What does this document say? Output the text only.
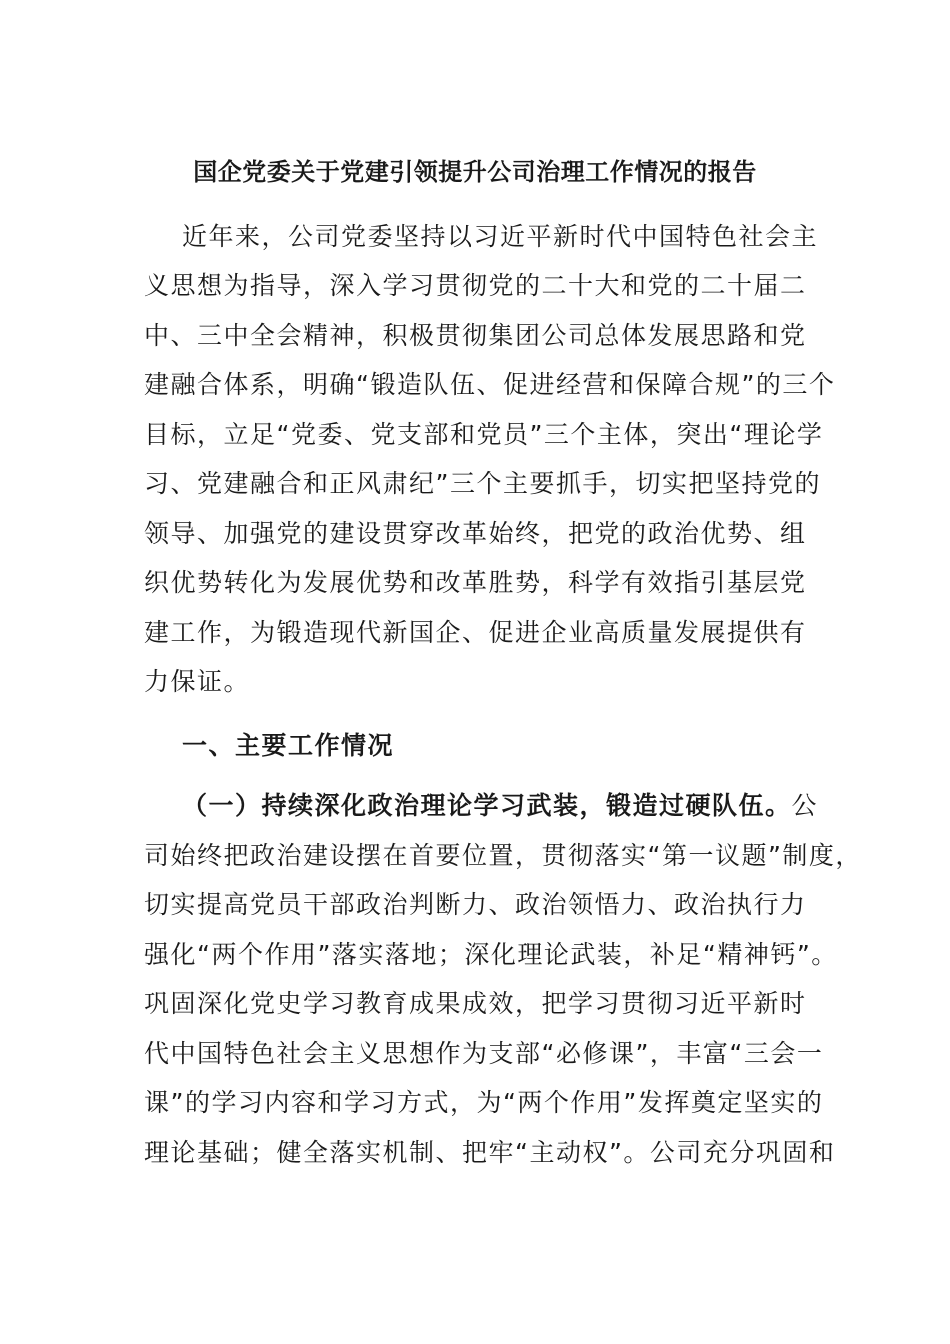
国企党委关于党建引领提升公司治理工作情况的报告
近年来，公司党委坚持以习近平新时代中国特色社会主
义思想为指导，深入学习贯彻党的二十大和党的二十届二
中、三中全会精神，积极贯彻集团公司总体发展思路和党
建融合体系，明确“锻造队伍、促进经营和保障合规”的三个
目标，立足“党委、党支部和党员”三个主体，突出“理论学
习、党建融合和正风肃纪”三个主要抓手，切实把坚持党的
领导、加强党的建设贯穿改革始终，把党的政治优势、组
织优势转化为发展优势和改革胜势，科学有效指引基层党
建工作，为锻造现代新国企、促进企业高质量发展提供有
力保证。
一、主要工作情况
（一）持续深化政治理论学习武装，锻造过硬队伍。公
司始终把政治建设摆在首要位置，贯彻落实“第一议题”制度，
切实提高党员干部政治判断力、政治领悟力、政治执行力
强化“两个作用”落实落地；深化理论武装，补足“精神钙”。
巩固深化党史学习教育成果成效，把学习贯彻习近平新时
代中国特色社会主义思想作为支部“必修课”，丰富“三会一
课”的学习内容和学习方式，为“两个作用”发挥奠定坚实的
理论基础；健全落实机制、把牢“主动权”。公司充分巩固和
